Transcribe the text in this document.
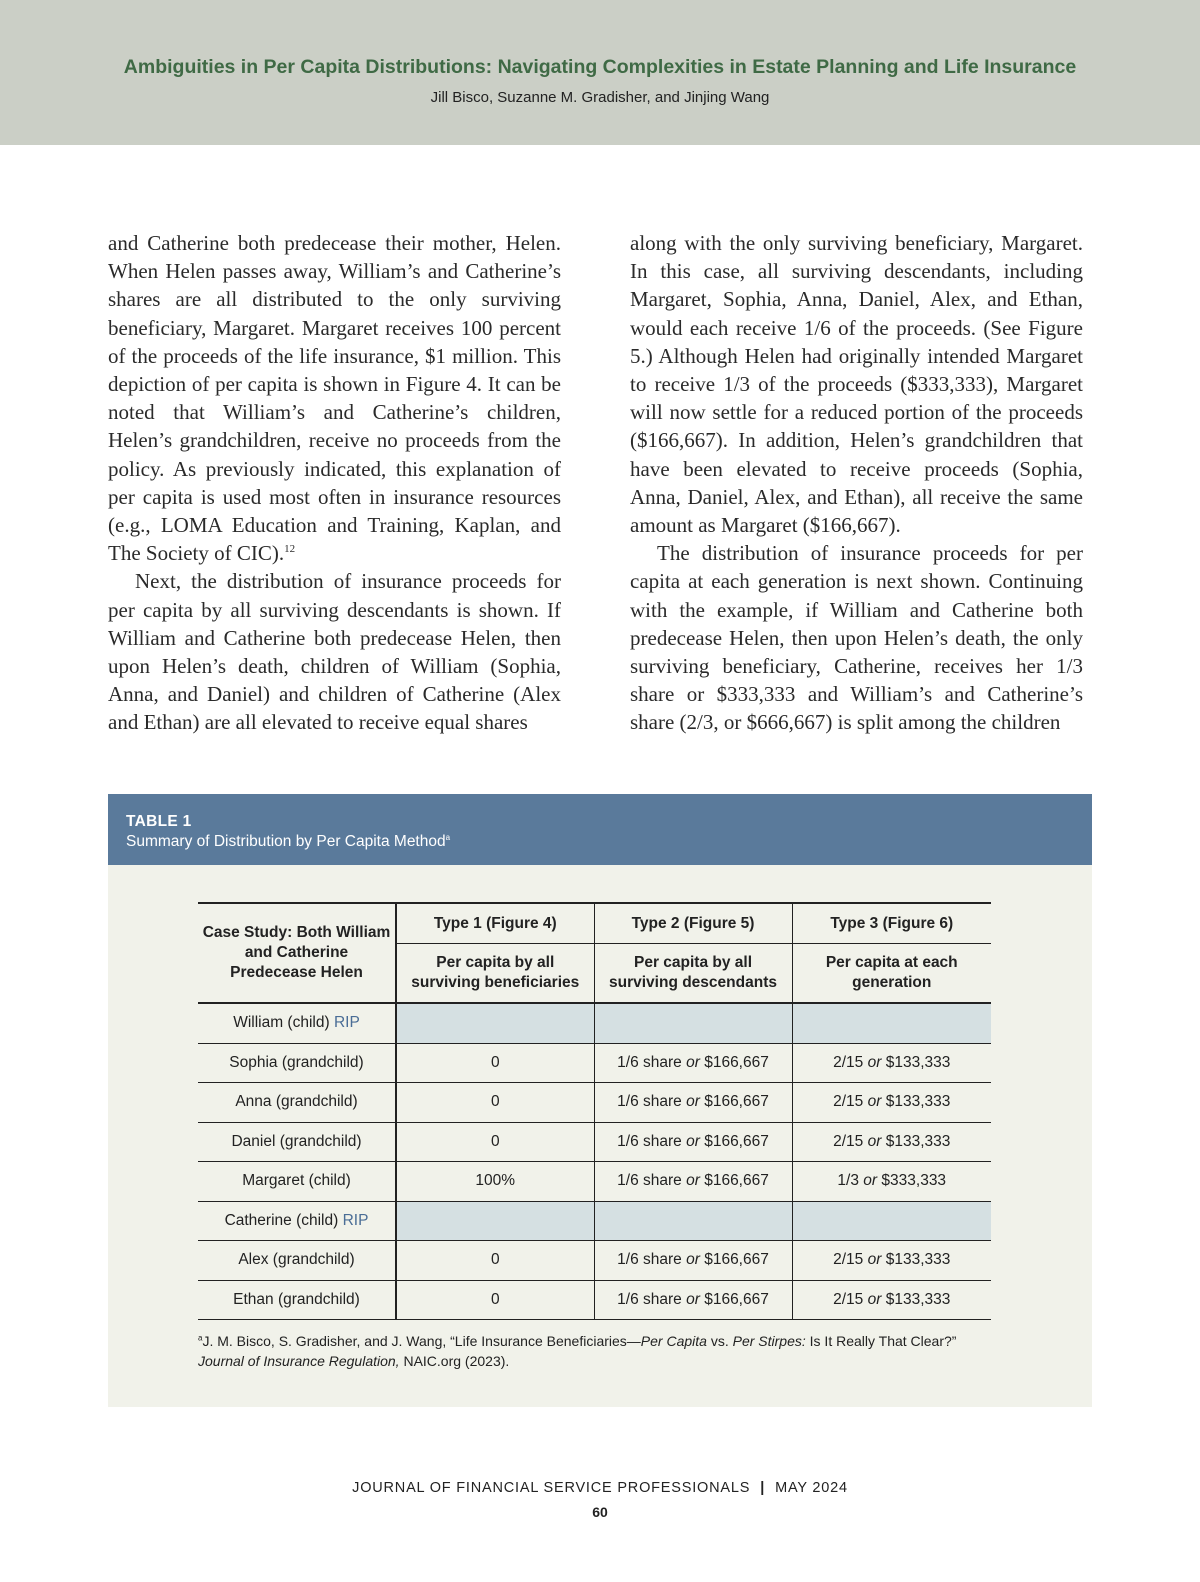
Ambiguities in Per Capita Distributions: Navigating Complexities in Estate Planning and Life Insurance
Jill Bisco, Suzanne M. Gradisher, and Jinjing Wang

and Catherine both predecease their mother, Helen. When Helen passes away, William’s and Catherine’s shares are all distributed to the only surviving beneficiary, Margaret. Margaret receives 100 percent of the proceeds of the life insurance, $1 million. This depiction of per capita is shown in Figure 4. It can be noted that William’s and Catherine’s children, Helen’s grandchildren, receive no proceeds from the policy. As previously indicated, this explanation of per capita is used most often in insurance resources (e.g., LOMA Education and Training, Kaplan, and The Society of CIC).$^{12}$

Next, the distribution of insurance proceeds for per capita by all surviving descendants is shown. If William and Catherine both predecease Helen, then upon Helen’s death, children of William (Sophia, Anna, and Daniel) and children of Catherine (Alex and Ethan) are all elevated to receive equal shares

along with the only surviving beneficiary, Margaret. In this case, all surviving descendants, including Margaret, Sophia, Anna, Daniel, Alex, and Ethan, would each receive 1/6 of the proceeds. (See Figure 5.) Although Helen had originally intended Margaret to receive 1/3 of the proceeds ($333,333), Margaret will now settle for a reduced portion of the proceeds ($166,667). In addition, Helen’s grandchildren that have been elevated to receive proceeds (Sophia, Anna, Daniel, Alex, and Ethan), all receive the same amount as Margaret ($166,667).

The distribution of insurance proceeds for per capita at each generation is next shown. Continuing with the example, if William and Catherine both predecease Helen, then upon Helen’s death, the only surviving beneficiary, Catherine, receives her 1/3 share or $333,333 and William’s and Catherine’s share (2/3, or $666,667) is split among the children

TABLE 1
Summary of Distribution by Per Capita Method$^a$
Case Study: Both William and Catherine Predecease Helen	Type 1 (Figure 4)	Type 2 (Figure 5)	Type 3 (Figure 6)
	Per capita by all surviving beneficiaries	Per capita by all surviving descendants	Per capita at each generation
William (child) RIP			
Sophia (grandchild)	0	1/6 share or $166,667	2/15 or $133,333
Anna (grandchild)	0	1/6 share or $166,667	2/15 or $133,333
Daniel (grandchild)	0	1/6 share or $166,667	2/15 or $133,333
Margaret (child)	100%	1/6 share or $166,667	1/3 or $333,333
Catherine (child) RIP			
Alex (grandchild)	0	1/6 share or $166,667	2/15 or $133,333
Ethan (grandchild)	0	1/6 share or $166,667	2/15 or $133,333
$^a$J. M. Bisco, S. Gradisher, and J. Wang, “Life Insurance Beneficiaries—Per Capita vs. Per Stirpes: Is It Really That Clear?”
Journal of Insurance Regulation, NAIC.org (2023).
JOURNAL OF FINANCIAL SERVICE PROFESSIONALS | MAY 2024
60
